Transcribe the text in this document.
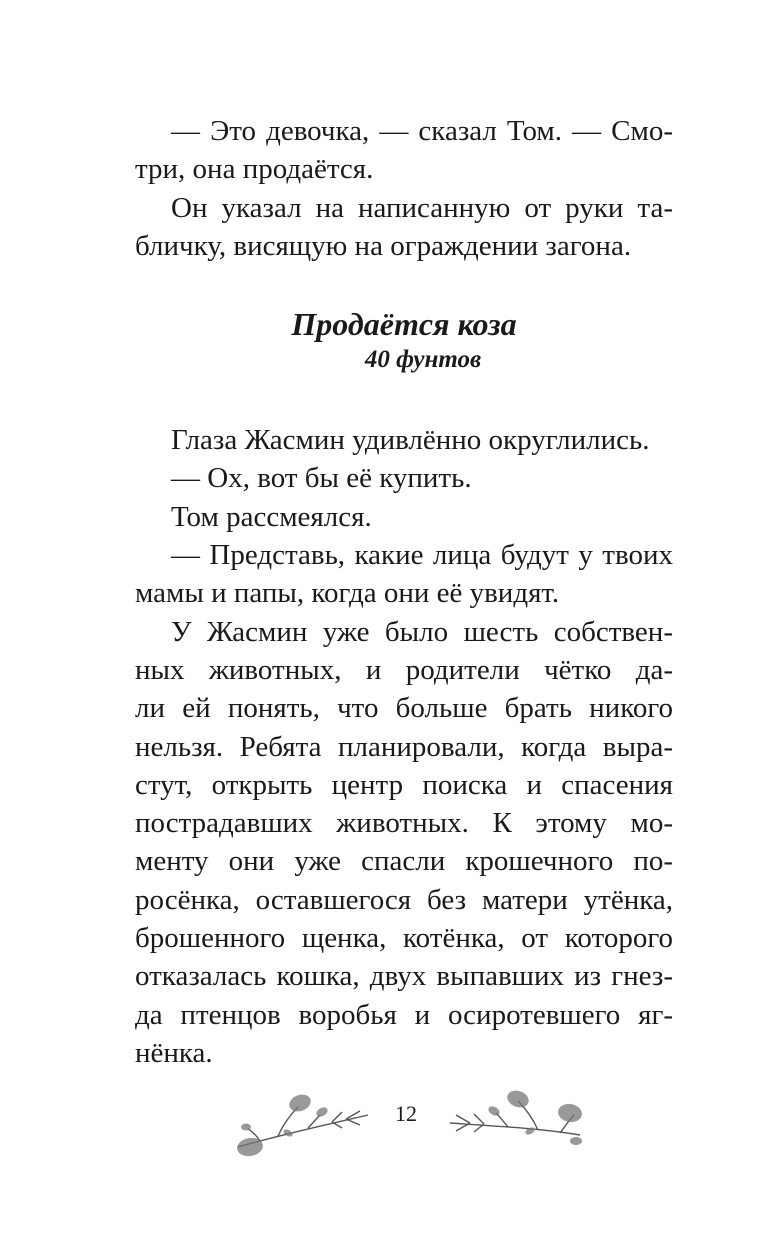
— Это девочка, — сказал Том. — Смо-
три, она продаётся.

Он указал на написанную от руки та-
бличку, висящую на ограждении загона.

Продаётся коза
40 фунтов

Глаза Жасмин удивлённо округлились.

— Ох, вот бы её купить.

Том рассмеялся.

— Представь, какие лица будут у твоих
мамы и папы, когда они её увидят.

У Жасмин уже было шесть собствен-
ных животных, и родители чётко да-
ли ей понять, что больше брать никого
нельзя. Ребята планировали, когда выра-
стут, открыть центр поиска и спасения
пострадавших животных. К этому мо-
менту они уже спасли крошечного по-
росёнка, оставшегося без матери утёнка,
брошенного щенка, котёнка, от которого
отказалась кошка, двух выпавших из гнез-
да птенцов воробья и осиротевшего яг-
нёнка.

12
